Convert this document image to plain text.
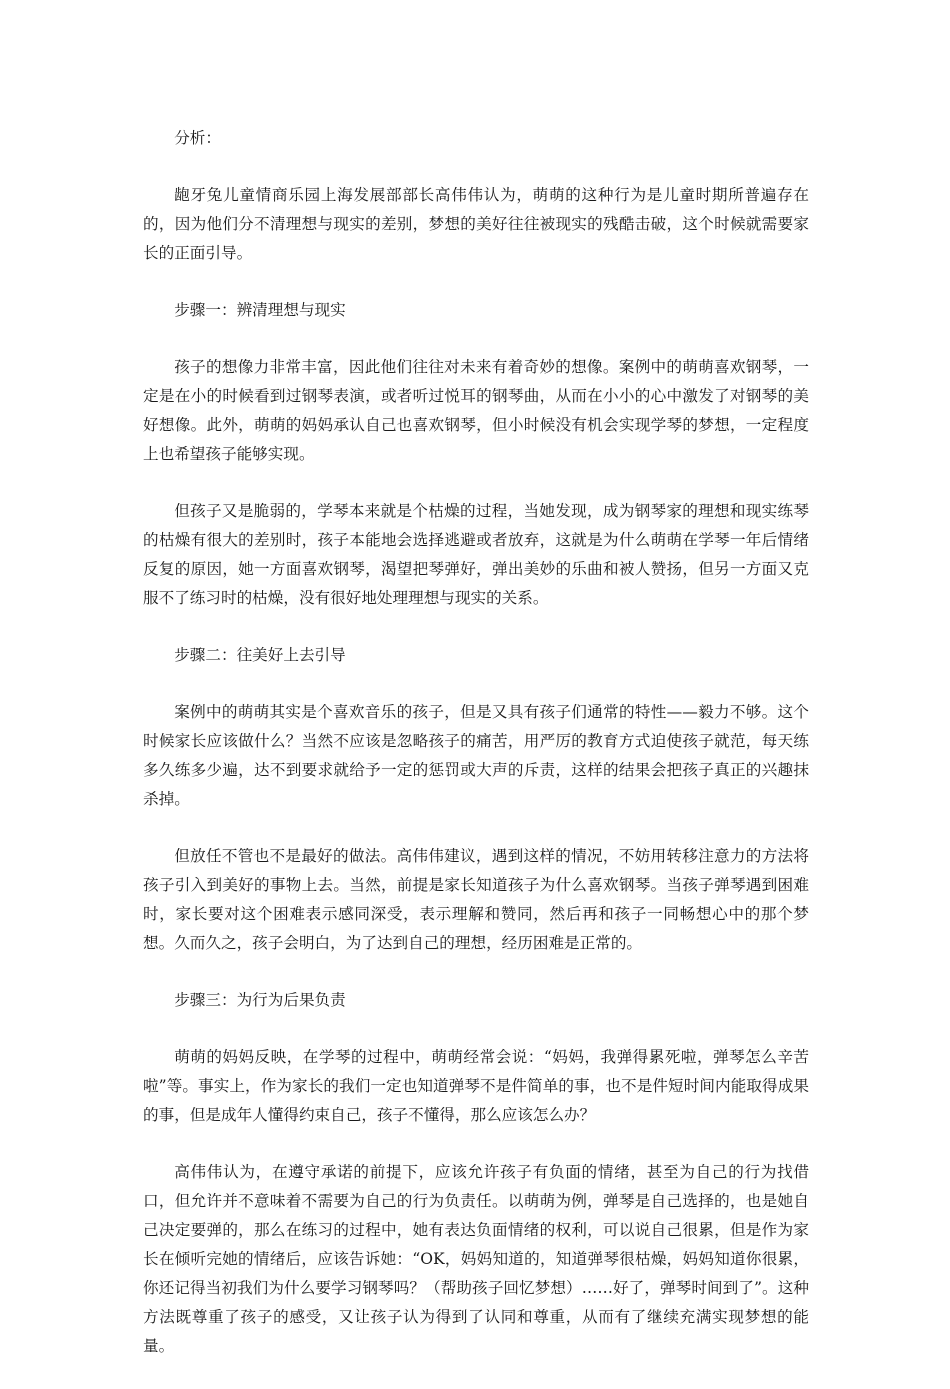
分析：

龅牙兔儿童情商乐园上海发展部部长高伟伟认为，萌萌的这种行为是儿童时期所普遍存在的，因为他们分不清理想与现实的差别，梦想的美好往往被现实的残酷击破，这个时候就需要家长的正面引导。

步骤一：辨清理想与现实

孩子的想像力非常丰富，因此他们往往对未来有着奇妙的想像。案例中的萌萌喜欢钢琴，一定是在小的时候看到过钢琴表演，或者听过悦耳的钢琴曲，从而在小小的心中激发了对钢琴的美好想像。此外，萌萌的妈妈承认自己也喜欢钢琴，但小时候没有机会实现学琴的梦想，一定程度上也希望孩子能够实现。

但孩子又是脆弱的，学琴本来就是个枯燥的过程，当她发现，成为钢琴家的理想和现实练琴的枯燥有很大的差别时，孩子本能地会选择逃避或者放弃，这就是为什么萌萌在学琴一年后情绪反复的原因，她一方面喜欢钢琴，渴望把琴弹好，弹出美妙的乐曲和被人赞扬，但另一方面又克服不了练习时的枯燥，没有很好地处理理想与现实的关系。

步骤二：往美好上去引导

案例中的萌萌其实是个喜欢音乐的孩子，但是又具有孩子们通常的特性——毅力不够。这个时候家长应该做什么？当然不应该是忽略孩子的痛苦，用严厉的教育方式迫使孩子就范，每天练多久练多少遍，达不到要求就给予一定的惩罚或大声的斥责，这样的结果会把孩子真正的兴趣抹杀掉。

但放任不管也不是最好的做法。高伟伟建议，遇到这样的情况，不妨用转移注意力的方法将孩子引入到美好的事物上去。当然，前提是家长知道孩子为什么喜欢钢琴。当孩子弹琴遇到困难时，家长要对这个困难表示感同深受，表示理解和赞同，然后再和孩子一同畅想心中的那个梦想。久而久之，孩子会明白，为了达到自己的理想，经历困难是正常的。

步骤三：为行为后果负责

萌萌的妈妈反映，在学琴的过程中，萌萌经常会说：“妈妈，我弹得累死啦，弹琴怎么辛苦啦”等。事实上，作为家长的我们一定也知道弹琴不是件简单的事，也不是件短时间内能取得成果的事，但是成年人懂得约束自己，孩子不懂得，那么应该怎么办？

高伟伟认为，在遵守承诺的前提下，应该允许孩子有负面的情绪，甚至为自己的行为找借口，但允许并不意味着不需要为自己的行为负责任。以萌萌为例，弹琴是自己选择的，也是她自己决定要弹的，那么在练习的过程中，她有表达负面情绪的权利，可以说自己很累，但是作为家长在倾听完她的情绪后，应该告诉她：“OK，妈妈知道的，知道弹琴很枯燥，妈妈知道你很累，你还记得当初我们为什么要学习钢琴吗？（帮助孩子回忆梦想）……好了，弹琴时间到了”。这种方法既尊重了孩子的感受，又让孩子认为得到了认同和尊重，从而有了继续充满实现梦想的能量。
